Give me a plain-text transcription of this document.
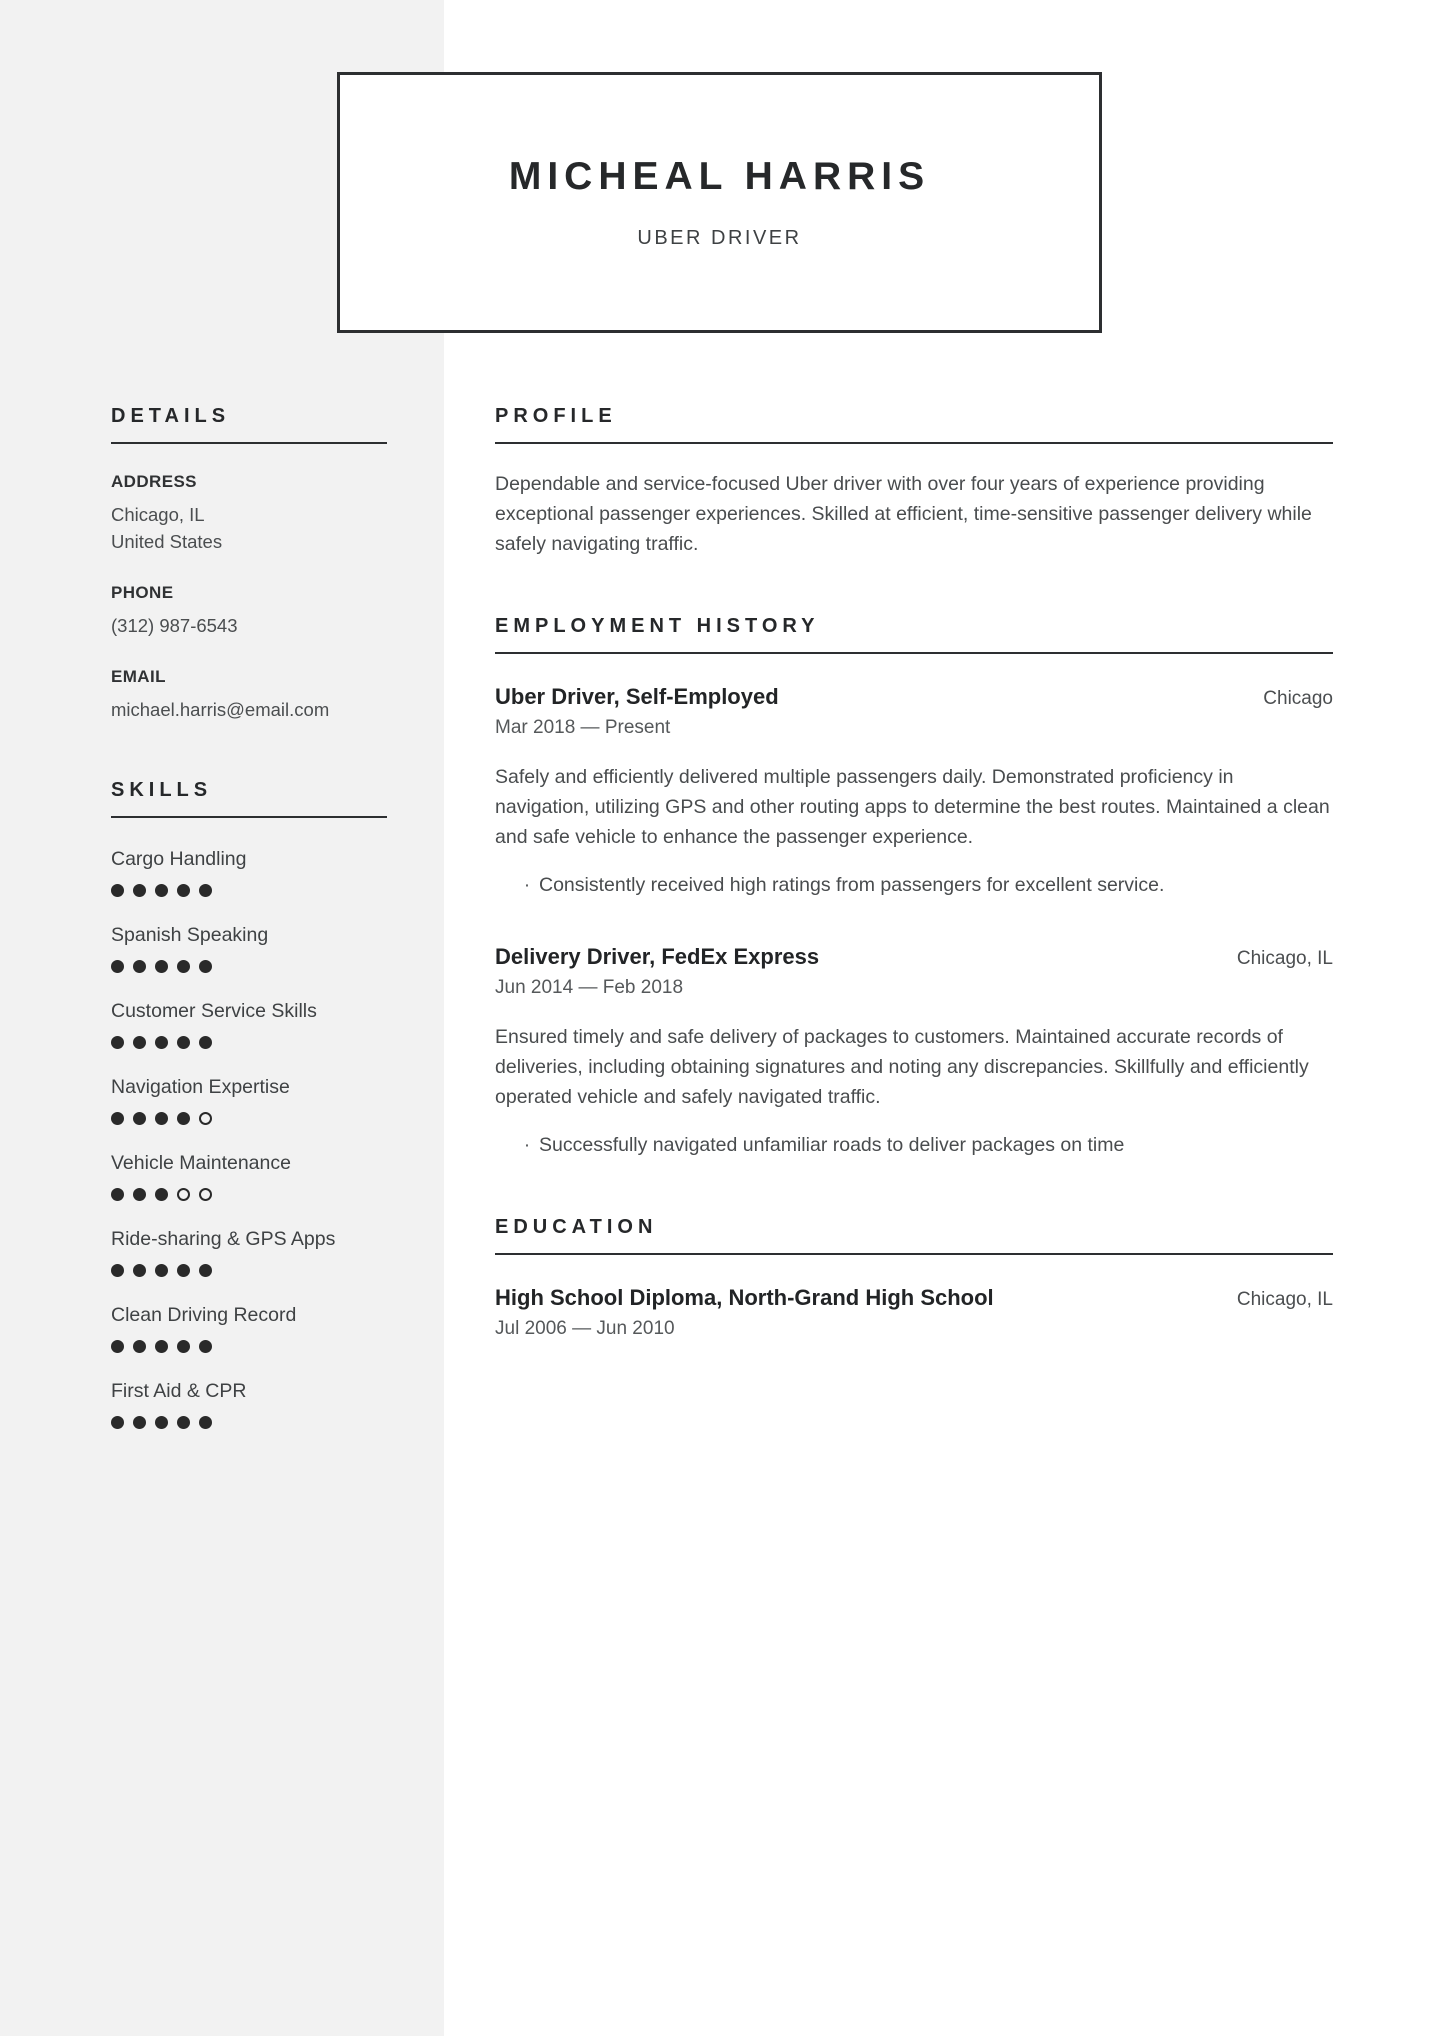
MICHEAL HARRIS
UBER DRIVER
DETAILS
ADDRESS
Chicago, IL
United States
PHONE
(312) 987-6543
EMAIL
michael.harris@email.com
SKILLS
Cargo Handling
Spanish Speaking
Customer Service Skills
Navigation Expertise
Vehicle Maintenance
Ride-sharing & GPS Apps
Clean Driving Record
First Aid & CPR
PROFILE

Dependable and service-focused Uber driver with over four years of experience providing exceptional passenger experiences. Skilled at efficient, time-sensitive passenger delivery while safely navigating traffic.

EMPLOYMENT HISTORY
Uber Driver, Self-Employed	Chicago
Mar 2018 — Present

Safely and efficiently delivered multiple passengers daily. Demonstrated proficiency in navigation, utilizing GPS and other routing apps to determine the best routes. Maintained a clean and safe vehicle to enhance the passenger experience.

· Consistently received high ratings from passengers for excellent service.
Delivery Driver, FedEx Express	Chicago, IL
Jun 2014 — Feb 2018

Ensured timely and safe delivery of packages to customers. Maintained accurate records of deliveries, including obtaining signatures and noting any discrepancies. Skillfully and efficiently operated vehicle and safely navigated traffic.

· Successfully navigated unfamiliar roads to deliver packages on time
EDUCATION
High School Diploma, North-Grand High School	Chicago, IL
Jul 2006 — Jun 2010
